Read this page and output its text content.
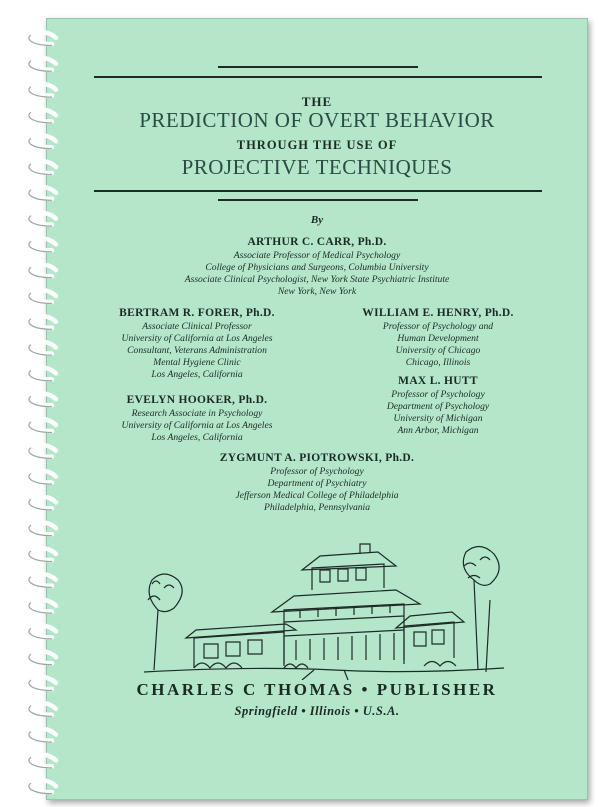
THE
PREDICTION OF OVERT BEHAVIOR
THROUGH THE USE OF
PROJECTIVE TECHNIQUES
By
ARTHUR C. CARR, Ph.D.
Associate Professor of Medical Psychology
College of Physicians and Surgeons, Columbia University
Associate Clinical Psychologist, New York State Psychiatric Institute
New York, New York
BERTRAM R. FORER, Ph.D.
Associate Clinical Professor
University of California at Los Angeles
Consultant, Veterans Administration
Mental Hygiene Clinic
Los Angeles, California
WILLIAM E. HENRY, Ph.D.
Professor of Psychology and
Human Development
University of Chicago
Chicago, Illinois
EVELYN HOOKER, Ph.D.
Research Associate in Psychology
University of California at Los Angeles
Los Angeles, California
MAX L. HUTT
Professor of Psychology
Department of Psychology
University of Michigan
Ann Arbor, Michigan
ZYGMUNT A. PIOTROWSKI, Ph.D.
Professor of Psychology
Department of Psychiatry
Jefferson Medical College of Philadelphia
Philadelphia, Pennsylvania
CHARLES C THOMAS • PUBLISHER
Springfield • Illinois • U.S.A.
